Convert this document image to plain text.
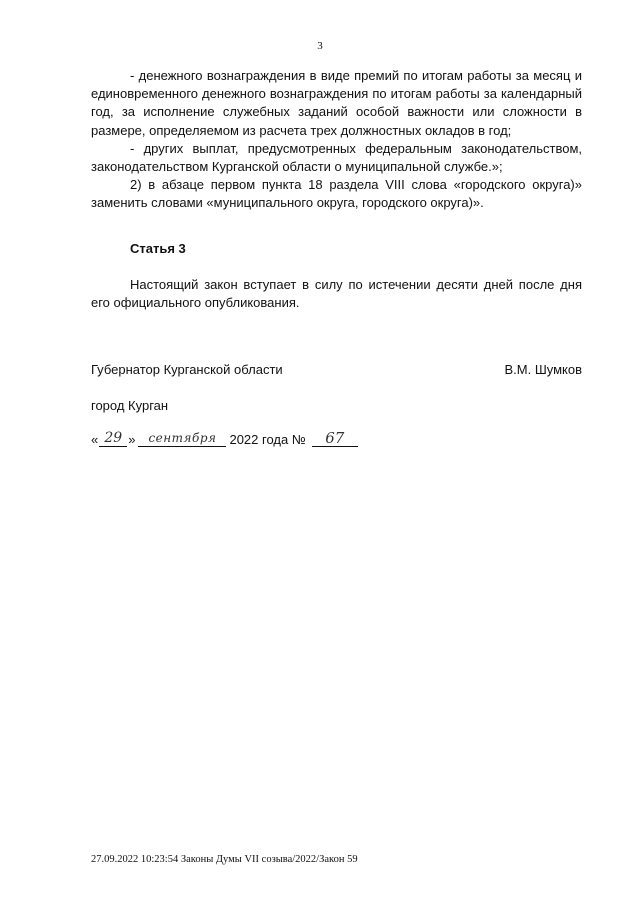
3

- денежного вознаграждения в виде премий по итогам работы за месяц и единовременного денежного вознаграждения по итогам работы за календарный год, за исполнение служебных заданий особой важности или сложности в размере, определяемом из расчета трех должностных окладов в год;

- других выплат, предусмотренных федеральным законодательством, законодательством Курганской области о муниципальной службе.»;

2) в абзаце первом пункта 18 раздела VIII слова «городского округа)» заменить словами «муниципального округа, городского округа)».

Статья 3

Настоящий закон вступает в силу по истечении десяти дней после дня его официального опубликования.

Губернатор Курганской области	В.М. Шумков
город Курган
« 29 »	сентября	2022 года №	67
27.09.2022 10:23:54 Законы Думы VII созыва/2022/Закон 59
